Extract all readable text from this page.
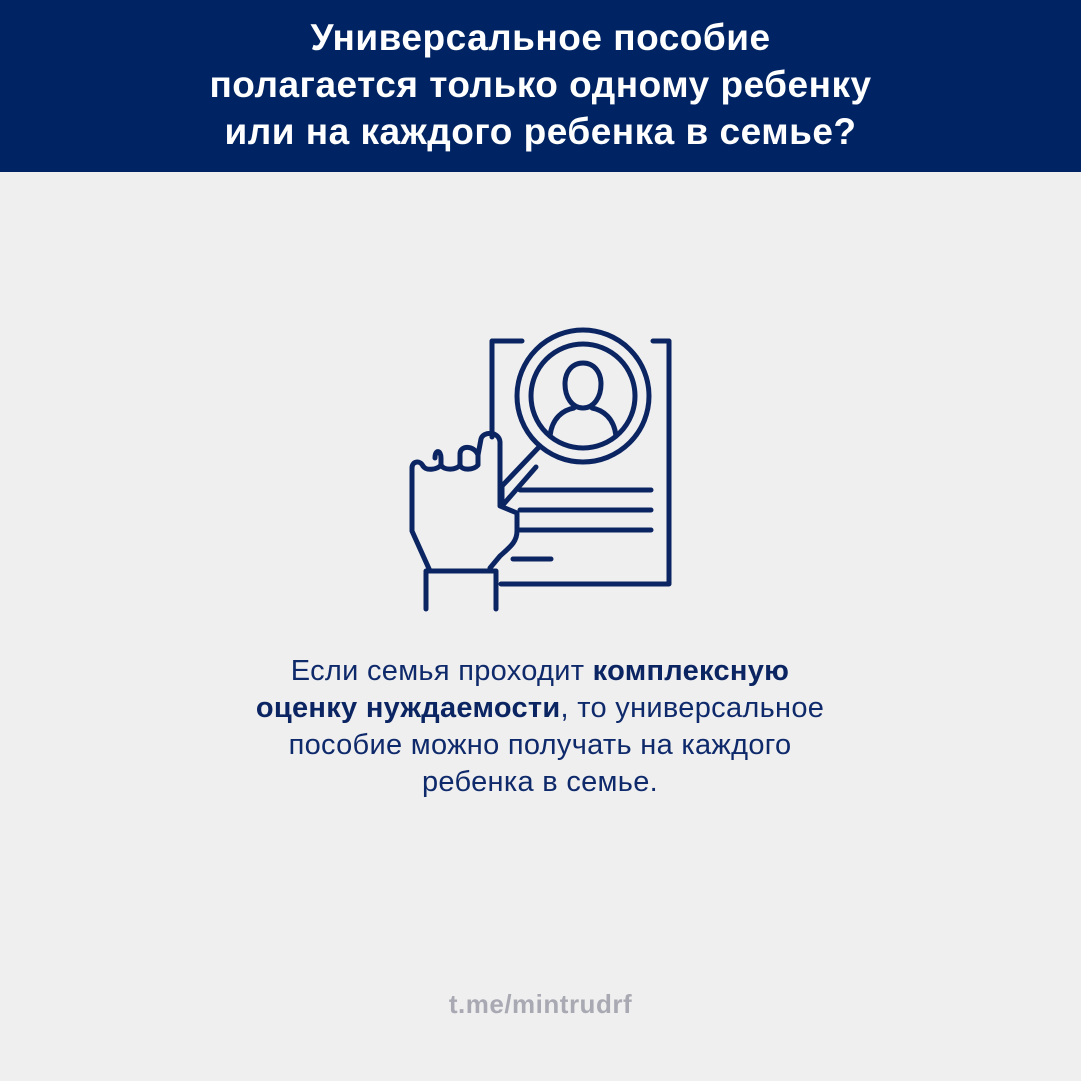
Универсальное пособие
полагается только одному ребенку
или на каждого ребенка в семье?
Если семья проходит комплексную
оценку нуждаемости, то универсальное
пособие можно получать на каждого
ребенка в семье.
t.me/mintrudrf
